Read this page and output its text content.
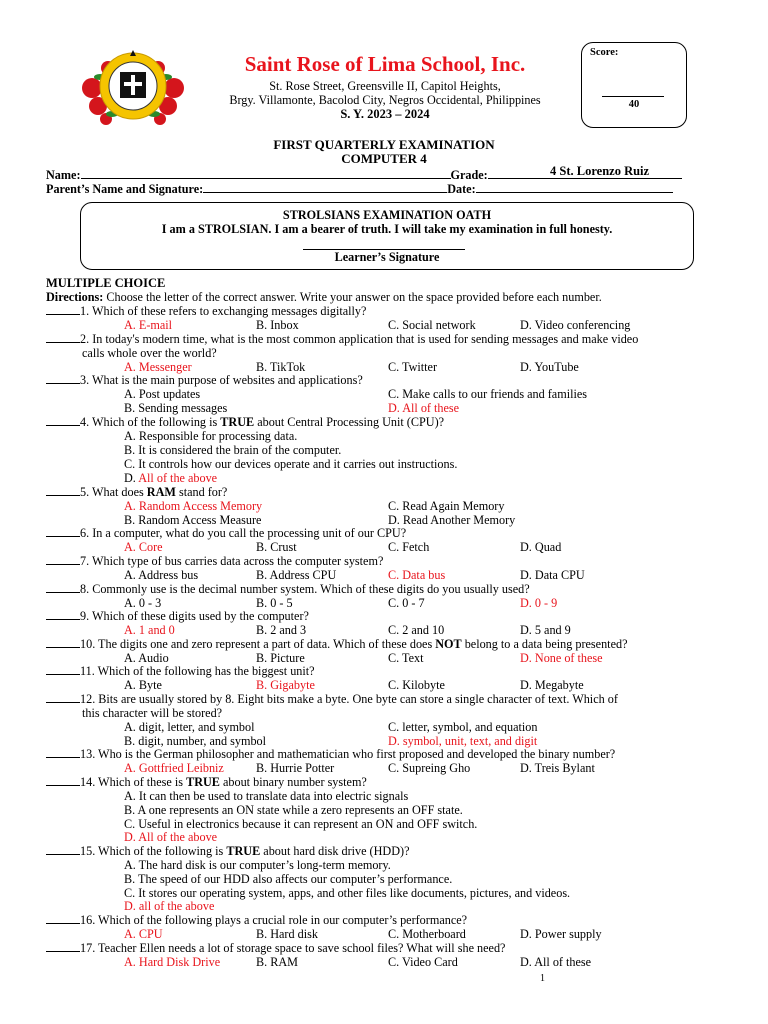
Saint Rose of Lima School, Inc.
St. Rose Street, Greensville II, Capitol Heights,
Brgy. Villamonte, Bacolod City, Negros Occidental, Philippines
S. Y. 2023 – 2024
Score:
40
FIRST QUARTERLY EXAMINATION
COMPUTER 4
Name:	Grade:	4 St. Lorenzo Ruiz
Parent’s Name and Signature:	Date:
STROLSIANS EXAMINATION OATH
I am a STROLSIAN. I am a bearer of truth. I will take my examination in full honesty.
Learner’s Signature
MULTIPLE CHOICE
Directions: Choose the letter of the correct answer. Write your answer on the space provided before each number.
1. Which of these refers to exchanging messages digitally?
A. E-mail	B. Inbox	C. Social network	D. Video conferencing
2. In today's modern time, what is the most common application that is used for sending messages and make video
calls whole over the world?
A. Messenger	B. TikTok	C. Twitter	D. YouTube
3. What is the main purpose of websites and applications?
A. Post updates	C. Make calls to our friends and families
B. Sending messages	D. All of these
4. Which of the following is TRUE about Central Processing Unit (CPU)?
A. Responsible for processing data.
B. It is considered the brain of the computer.
C. It controls how our devices operate and it carries out instructions.
D. All of the above
5. What does RAM stand for?
A. Random Access Memory	C. Read Again Memory
B. Random Access Measure	D. Read Another Memory
6. In a computer, what do you call the processing unit of our CPU?
A. Core	B. Crust	C. Fetch	D. Quad
7. Which type of bus carries data across the computer system?
A. Address bus	B. Address CPU	C. Data bus	D. Data CPU
8. Commonly use is the decimal number system. Which of these digits do you usually used?
A. 0 - 3	B. 0 - 5	C. 0 - 7	D. 0 - 9
9. Which of these digits used by the computer?
A. 1 and 0	B. 2 and 3	C. 2 and 10	D. 5 and 9
10. The digits one and zero represent a part of data. Which of these does NOT belong to a data being presented?
A. Audio	B. Picture	C. Text	D. None of these
11. Which of the following has the biggest unit?
A. Byte	B. Gigabyte	C. Kilobyte	D. Megabyte
12. Bits are usually stored by 8. Eight bits make a byte. One byte can store a single character of text. Which of
this character will be stored?
A. digit, letter, and symbol	C. letter, symbol, and equation
B. digit, number, and symbol	D. symbol, unit, text, and digit
13. Who is the German philosopher and mathematician who first proposed and developed the binary number?
A. Gottfried Leibniz	B. Hurrie Potter	C. Supreing Gho	D. Treis Bylant
14. Which of these is TRUE about binary number system?
A. It can then be used to translate data into electric signals
B. A one represents an ON state while a zero represents an OFF state.
C. Useful in electronics because it can represent an ON and OFF switch.
D. All of the above
15. Which of the following is TRUE about hard disk drive (HDD)?
A. The hard disk is our computer’s long-term memory.
B. The speed of our HDD also affects our computer’s performance.
C. It stores our operating system, apps, and other files like documents, pictures, and videos.
D. all of the above
16. Which of the following plays a crucial role in our computer’s performance?
A. CPU	B. Hard disk	C. Motherboard	D. Power supply
17. Teacher Ellen needs a lot of storage space to save school files? What will she need?
A. Hard Disk Drive	B. RAM	C. Video Card	D. All of these
1
